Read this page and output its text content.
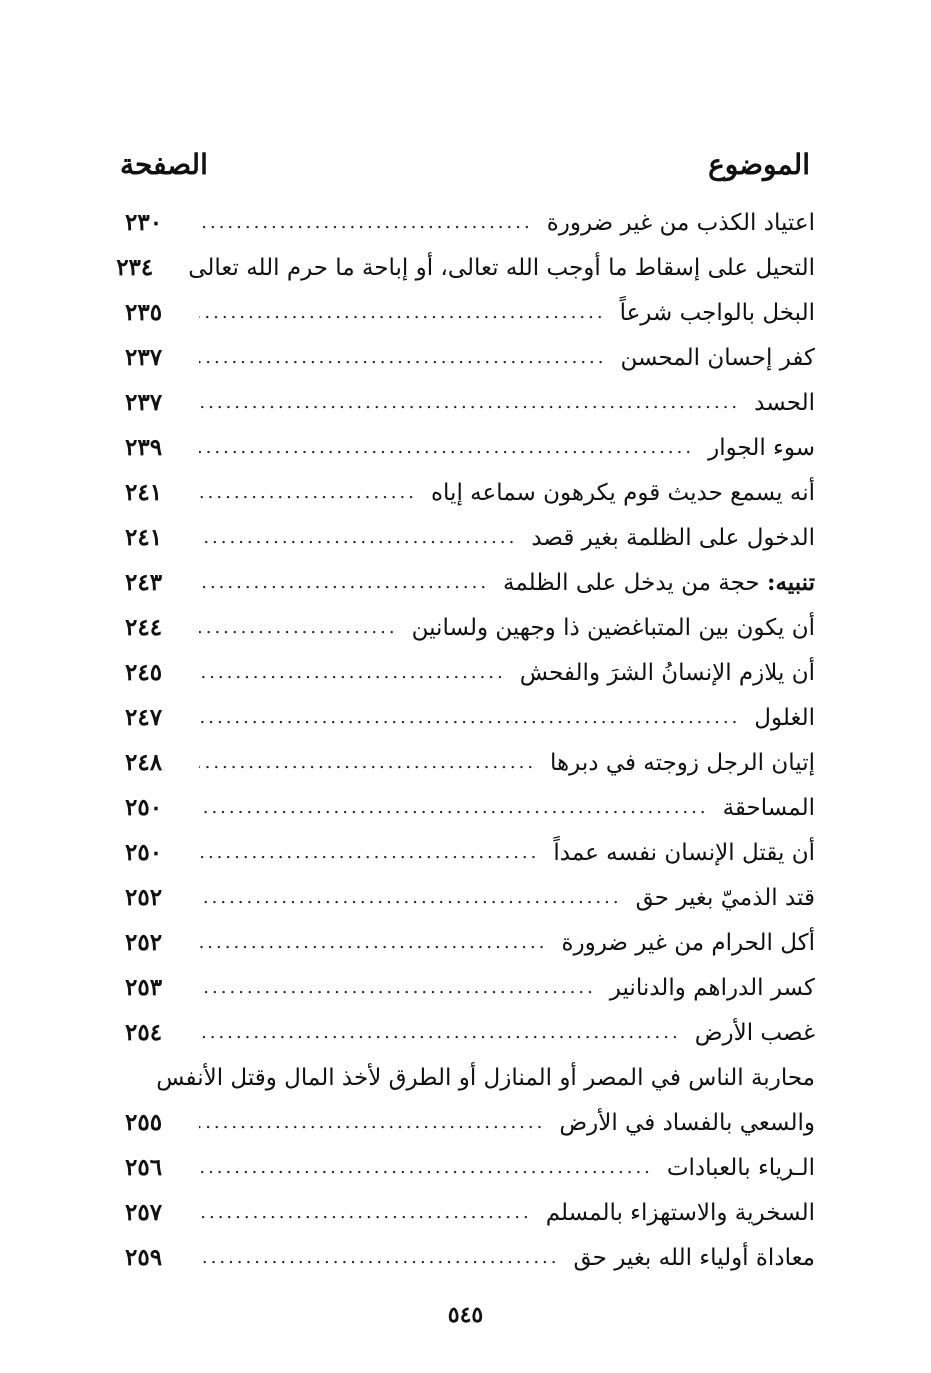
الموضوع
الصفحة
اعتياد الكذب من غير ضرورة
.....
٢٣٠
التحيل على إسقاط ما أوجب الله تعالى، أو إباحة ما حرم الله تعالى
٢٣٤
البخل بالواجب شرعاً
.....
٢٣٥
كفر إحسان المحسن
.....
٢٣٧
الحسد
.....
٢٣٧
سوء الجوار
.....
٢٣٩
أنه يسمع حديث قوم يكرهون سماعه إياه
.....
٢٤١
الدخول على الظلمة بغير قصد
.....
٢٤١
تنبيه: حجة من يدخل على الظلمة
.....
٢٤٣
أن يكون بين المتباغضين ذا وجهين ولسانين
.....
٢٤٤
أن يلازم الإنسانُ الشرَ والفحش
.....
٢٤٥
الغلول
.....
٢٤٧
إتيان الرجل زوجته في دبرها
.....
٢٤٨
المساحقة
.....
٢٥٠
أن يقتل الإنسان نفسه عمداً
.....
٢٥٠
قتد الذميّ بغير حق
.....
٢٥٢
أكل الحرام من غير ضرورة
.....
٢٥٢
كسر الدراهم والدنانير
.....
٢٥٣
غصب الأرض
.....
٢٥٤
محاربة الناس في المصر أو المنازل أو الطرق لأخذ المال وقتل الأنفس
والسعي بالفساد في الأرض
.....
٢٥٥
الـرياء بالعبادات
.....
٢٥٦
السخرية والاستهزاء بالمسلم
.....
٢٥٧
معاداة أولياء الله بغير حق
.....
٢٥٩
٥٤٥
